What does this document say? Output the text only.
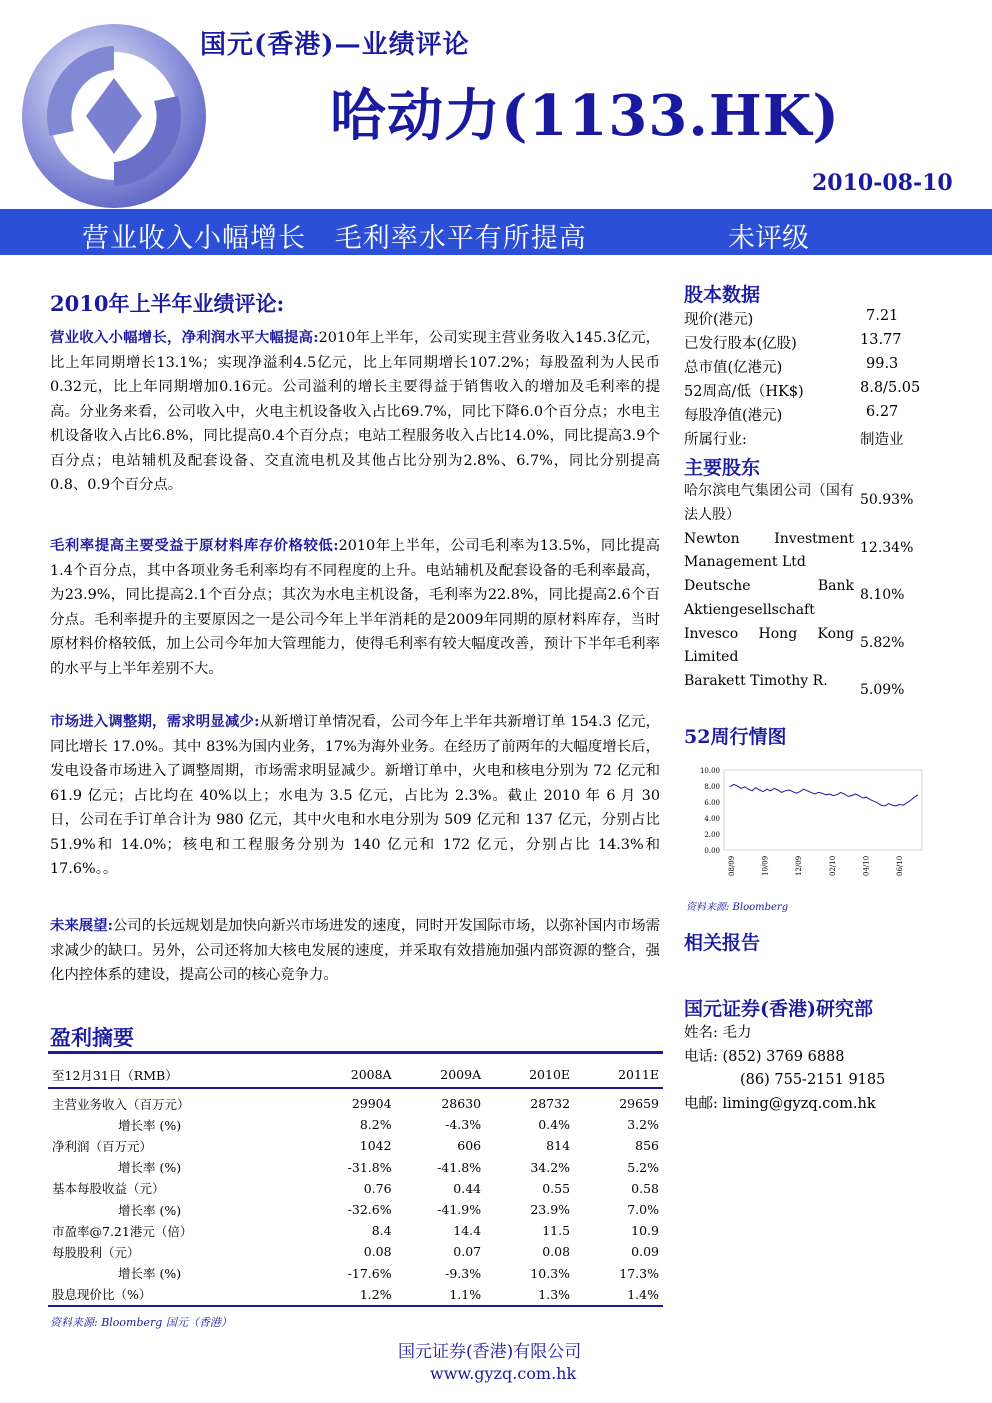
国元(香港)—业绩评论
哈动力(1133.HK)
2010-08-10
营业收入小幅增长   毛利率水平有所提高	未评级
2010年上半年业绩评论:
营业收入小幅增长，净利润水平大幅提高:2010年上半年，公司实现主营业务收入145.3亿元，比上年同期增长13.1%；实现净溢利4.5亿元，比上年同期增长107.2%；每股盈利为人民币0.32元，比上年同期增加0.16元。公司溢利的增长主要得益于销售收入的增加及毛利率的提高。分业务来看，公司收入中，火电主机设备收入占比69.7%，同比下降6.0个百分点；水电主机设备收入占比6.8%，同比提高0.4个百分点；电站工程服务收入占比14.0%，同比提高3.9个百分点；电站辅机及配套设备、交直流电机及其他占比分别为2.8%、6.7%，同比分别提高0.8、0.9个百分点。
毛利率提高主要受益于原材料库存价格较低:2010年上半年，公司毛利率为13.5%，同比提高1.4个百分点，其中各项业务毛利率均有不同程度的上升。电站辅机及配套设备的毛利率最高，为23.9%，同比提高2.1个百分点；其次为水电主机设备，毛利率为22.8%，同比提高2.6个百分点。毛利率提升的主要原因之一是公司今年上半年消耗的是2009年同期的原材料库存，当时原材料价格较低，加上公司今年加大管理能力，使得毛利率有较大幅度改善，预计下半年毛利率的水平与上半年差别不大。
市场进入调整期，需求明显减少:从新增订单情况看，公司今年上半年共新增订单 154.3 亿元，同比增长 17.0%。其中 83%为国内业务，17%为海外业务。在经历了前两年的大幅度增长后，发电设备市场进入了调整周期，市场需求明显减少。新增订单中，火电和核电分别为 72 亿元和 61.9 亿元；占比均在 40%以上；水电为 3.5 亿元，占比为 2.3%。截止 2010 年 6 月 30 日，公司在手订单合计为 980 亿元，其中火电和水电分别为 509 亿元和 137 亿元，分别占比 51.9%和 14.0%；核电和工程服务分别为 140 亿元和 172 亿元，分别占比 14.3%和 17.6%。。
未来展望:公司的长远规划是加快向新兴市场进发的速度，同时开发国际市场，以弥补国内市场需求减少的缺口。另外，公司还将加大核电发展的速度，并采取有效措施加强内部资源的整合，强化内控体系的建设，提高公司的核心竞争力。
盈利摘要
至12月31日（RMB）	2008A	2009A	2010E	2011E
主营业务收入（百万元）	29904	28630	28732	29659
增长率 (%)	8.2%	-4.3%	0.4%	3.2%
净利润（百万元）	1042	606	814	856
增长率 (%)	-31.8%	-41.8%	34.2%	5.2%
基本每股收益（元）	0.76	0.44	0.55	0.58
增长率 (%)	-32.6%	-41.9%	23.9%	7.0%
市盈率@7.21港元（倍）	8.4	14.4	11.5	10.9
每股股利（元）	0.08	0.07	0.08	0.09
增长率 (%)	-17.6%	-9.3%	10.3%	17.3%
股息现价比（%）	1.2%	1.1%	1.3%	1.4%
资料来源: Bloomberg 国元（香港）
股本数据
现价(港元)	7.21
已发行股本(亿股)	13.77
总市值(亿港元)	99.3
52周高/低（HK$)	8.8/5.05
每股净值(港元)	6.27
所属行业:	制造业
主要股东
哈尔滨电气集团公司（国有法人股）
50.93%
Newton Investment Management Ltd
12.34%
Deutsche Bank Aktiengesellschaft
8.10%
Invesco Hong Kong Limited
5.82%
Barakett Timothy R.
5.09%
52周行情图
10.00
8.00
6.00
4.00
2.00
0.00
08/09	10/09	12/09	02/10	04/10	06/10
资料来源: Bloomberg
相关报告
国元证券(香港)研究部
姓名: 毛力
电话: (852) 3769 6888
(86) 755-2151 9185
电邮: liming@gyzq.com.hk
国元证券(香港)有限公司
www.gyzq.com.hk
